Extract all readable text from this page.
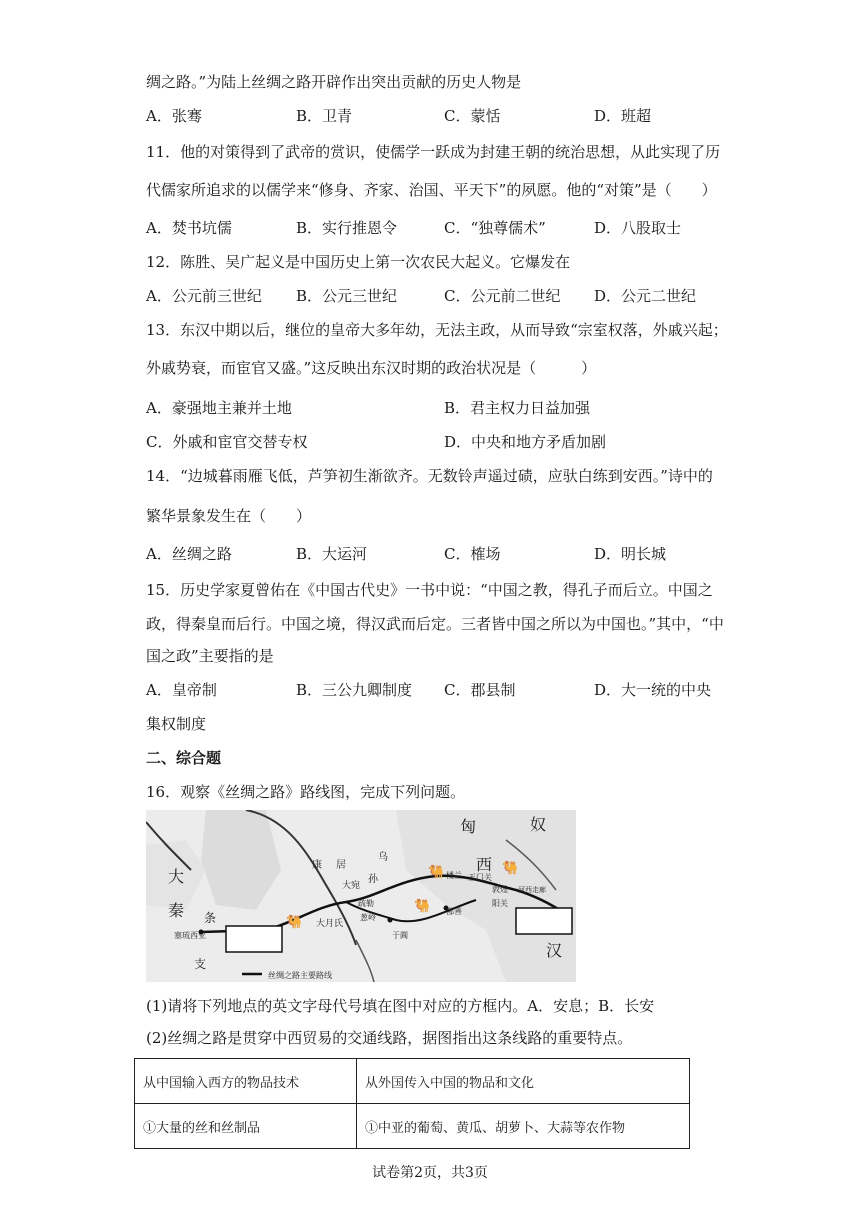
绸之路。”为陆上丝绸之路开辟作出突出贡献的历史人物是
A．张骞	B．卫青	C．蒙恬	D．班超
11．他的对策得到了武帝的赏识，使儒学一跃成为封建王朝的统治思想，从此实现了历
代儒家所追求的以儒学来“修身、齐家、治国、平天下”的夙愿。他的“对策”是（　　）
A．焚书坑儒	B．实行推恩令	C．“独尊儒术”	D．八股取士
12．陈胜、吴广起义是中国历史上第一次农民大起义。它爆发在
A．公元前三世纪 B．公元三世纪	C．公元前二世纪 D．公元二世纪
13．东汉中期以后，继位的皇帝大多年幼，无法主政，从而导致“宗室权落，外戚兴起；
外戚势衰，而宦官又盛。”这反映出东汉时期的政治状况是（　　　）
A．豪强地主兼并土地	B．君主权力日益加强
C．外戚和宦官交替专权	D．中央和地方矛盾加剧
14．“边城暮雨雁飞低，芦笋初生渐欲齐。无数铃声遥过碛，应驮白练到安西。”诗中的
繁华景象发生在（　　）
A．丝绸之路	B．大运河	C．榷场	D．明长城
15．历史学家夏曾佑在《中国古代史》一书中说：“中国之教，得孔子而后立。中国之
政，得秦皇而后行。中国之境，得汉武而后定。三者皆中国之所以为中国也。”其中，“中
国之政”主要指的是
A．皇帝制	B．三公九卿制度 C．郡县制	D．大一统的中央
集权制度
二、综合题
16．观察《丝绸之路》路线图，完成下列问题。
🐫
🐫
🐫	🐫
匈	奴
西
汉
大
秦 条
支
康 居
乌
孙
大宛
大月氏
疏勒
葱岭
楼兰 玉门关
敦煌
阳关
鄯善
河西走廊
于阗
塞琉西亚
丝绸之路主要路线
(1)请将下列地点的英文字母代号填在图中对应的方框内。A．安息；B．长安
(2)丝绸之路是贯穿中西贸易的交通线路，据图指出这条线路的重要特点。
从中国输入西方的物品技术	从外国传入中国的物品和文化
①大量的丝和丝制品	①中亚的葡萄、黄瓜、胡萝卜、大蒜等农作物
试卷第2页，共3页
